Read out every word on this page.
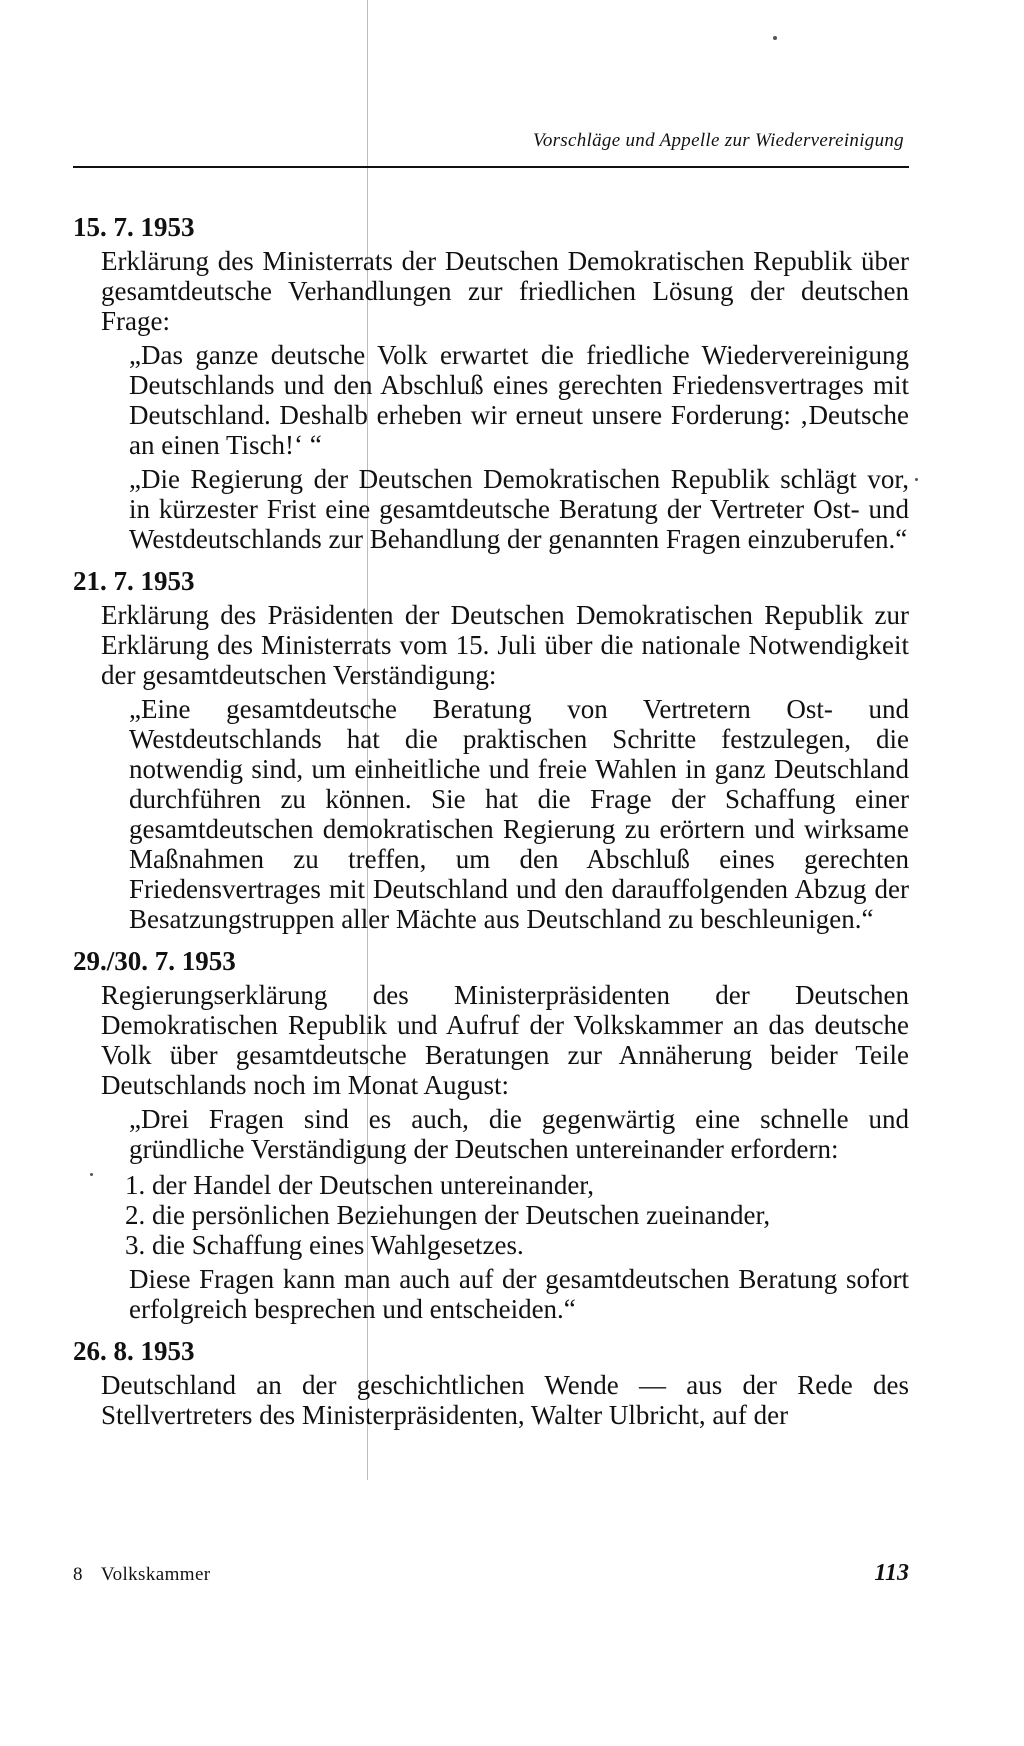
Vorschläge und Appelle zur Wiedervereinigung
15. 7. 1953

Erklärung des Ministerrats der Deutschen Demokratischen Republik über gesamtdeutsche Verhandlungen zur friedlichen Lösung der deutschen Frage:

„Das ganze deutsche Volk erwartet die friedliche Wiedervereinigung Deutschlands und den Abschluß eines gerechten Friedensvertrages mit Deutschland. Deshalb erheben wir erneut unsere Forderung: ‚Deutsche an einen Tisch!‘ “

„Die Regierung der Deutschen Demokratischen Republik schlägt vor, in kürzester Frist eine gesamtdeutsche Beratung der Vertreter Ost- und Westdeutschlands zur Behandlung der genannten Fragen einzuberufen.“

21. 7. 1953

Erklärung des Präsidenten der Deutschen Demokratischen Republik zur Erklärung des Ministerrats vom 15. Juli über die nationale Notwendigkeit der gesamtdeutschen Verständigung:

„Eine gesamtdeutsche Beratung von Vertretern Ost- und Westdeutschlands hat die praktischen Schritte festzulegen, die notwendig sind, um einheitliche und freie Wahlen in ganz Deutschland durchführen zu können. Sie hat die Frage der Schaffung einer gesamtdeutschen demokratischen Regierung zu erörtern und wirksame Maßnahmen zu treffen, um den Abschluß eines gerechten Friedensvertrages mit Deutschland und den darauffolgenden Abzug der Besatzungstruppen aller Mächte aus Deutschland zu beschleunigen.“

29./30. 7. 1953

Regierungserklärung des Ministerpräsidenten der Deutschen Demokratischen Republik und Aufruf der Volkskammer an das deutsche Volk über gesamtdeutsche Beratungen zur Annäherung beider Teile Deutschlands noch im Monat August:

„Drei Fragen sind es auch, die gegenwärtig eine schnelle und gründliche Verständigung der Deutschen untereinander erfordern:

1. der Handel der Deutschen untereinander,
2. die persönlichen Beziehungen der Deutschen zueinander,
3. die Schaffung eines Wahlgesetzes.

Diese Fragen kann man auch auf der gesamtdeutschen Beratung sofort erfolgreich besprechen und entscheiden.“

26. 8. 1953

Deutschland an der geschichtlichen Wende — aus der Rede des Stellvertreters des Ministerpräsidenten, Walter Ulbricht, auf der

8 Volkskammer	113
